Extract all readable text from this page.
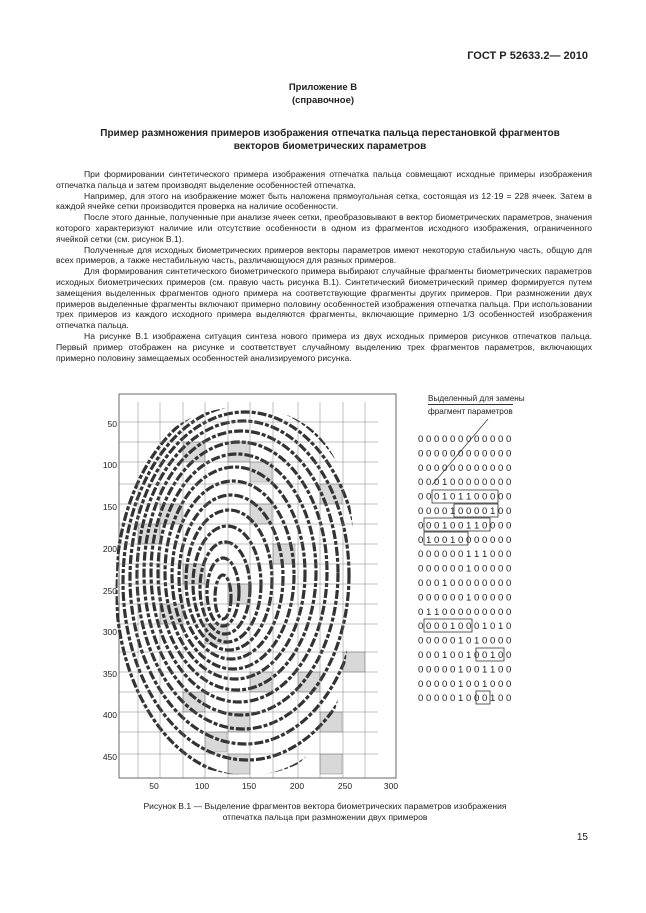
ГОСТ Р 52633.2— 2010
Приложение В
(справочное)
Пример размножения примеров изображения отпечатка пальца перестановкой фрагментов
векторов биометрических параметров

При формировании синтетического примера изображения отпечатка пальца совмещают исходные примеры изображения отпечатка пальца и затем производят выделение особенностей отпечатка.

Например, для этого на изображение может быть наложена прямоугольная сетка, состоящая из 12·19 = 228 ячеек. Затем в каждой ячейке сетки производится проверка на наличие особенности.

После этого данные, полученные при анализе ячеек сетки, преобразовывают в вектор биометрических параметров, значения которого характеризуют наличие или отсутствие особенности в одном из фрагментов исходного изображения, ограниченного ячейкой сетки (см. рисунок В.1).

Полученные для исходных биометрических примеров векторы параметров имеют некоторую стабильную часть, общую для всех примеров, а также нестабильную часть, различающуюся для разных примеров.

Для формирования синтетического биометрического примера выбирают случайные фрагменты биометрических параметров исходных биометрических примеров (см. правую часть рисунка В.1). Синтетический биометрический пример формируется путем замещения выделенных фрагментов одного примера на соответствующие фрагменты других примеров. При размножении двух примеров выделенные фрагменты включают примерно половину особенностей изображения отпечатка пальца. При использовании трех примеров из каждого исходного примера выделяются фрагменты, включающие примерно 1/3 особенностей изображения отпечатка пальца.

На рисунке В.1 изображена ситуация синтеза нового примера из двух исходных примеров рисунков отпечатков пальца. Первый пример отображен на рисунке и соответствует случайному выделению трех фрагментов параметров, включающих примерно половину замещаемых особенностей анализируемого рисунка.

50
100
150
200
250
300
350
400
450
50	100	150	200	250	300
Выделенный для замены
фрагмент параметров
0 0 0 0 0 0 0 0 0 0 0 0
0 0 0 0 0 0 0 0 0 0 0 0
0 0 0 0 0 0 0 0 0 0 0 0
0 0 0 1 0 0 0 0 0 0 0 0
0 0 0 1 0 1 1 0 0 0 0 0
0 0 0 0 1 0 0 0 0 1 0 0
0 0 0 1 0 0 1 1 0 0 0 0
0 1 0 0 1 0 0 0 0 0 0 0
0 0 0 0 0 0 1 1 1 0 0 0
0 0 0 0 0 0 1 0 0 0 0 0
0 0 0 1 0 0 0 0 0 0 0 0
0 0 0 0 0 0 1 0 0 0 0 0
0 1 1 0 0 0 0 0 0 0 0 0
0 0 0 0 1 0 0 0 1 0 1 0
0 0 0 0 0 1 0 1 0 0 0 0
0 0 0 1 0 0 1 0 0 1 0 0
0 0 0 0 0 1 0 0 1 1 0 0
0 0 0 0 0 1 0 0 1 0 0 0
0 0 0 0 0 1 0 0 0 1 0 0
Рисунок В.1 — Выделение фрагментов вектора биометрических параметров изображения
отпечатка пальца при размножении двух примеров
15
